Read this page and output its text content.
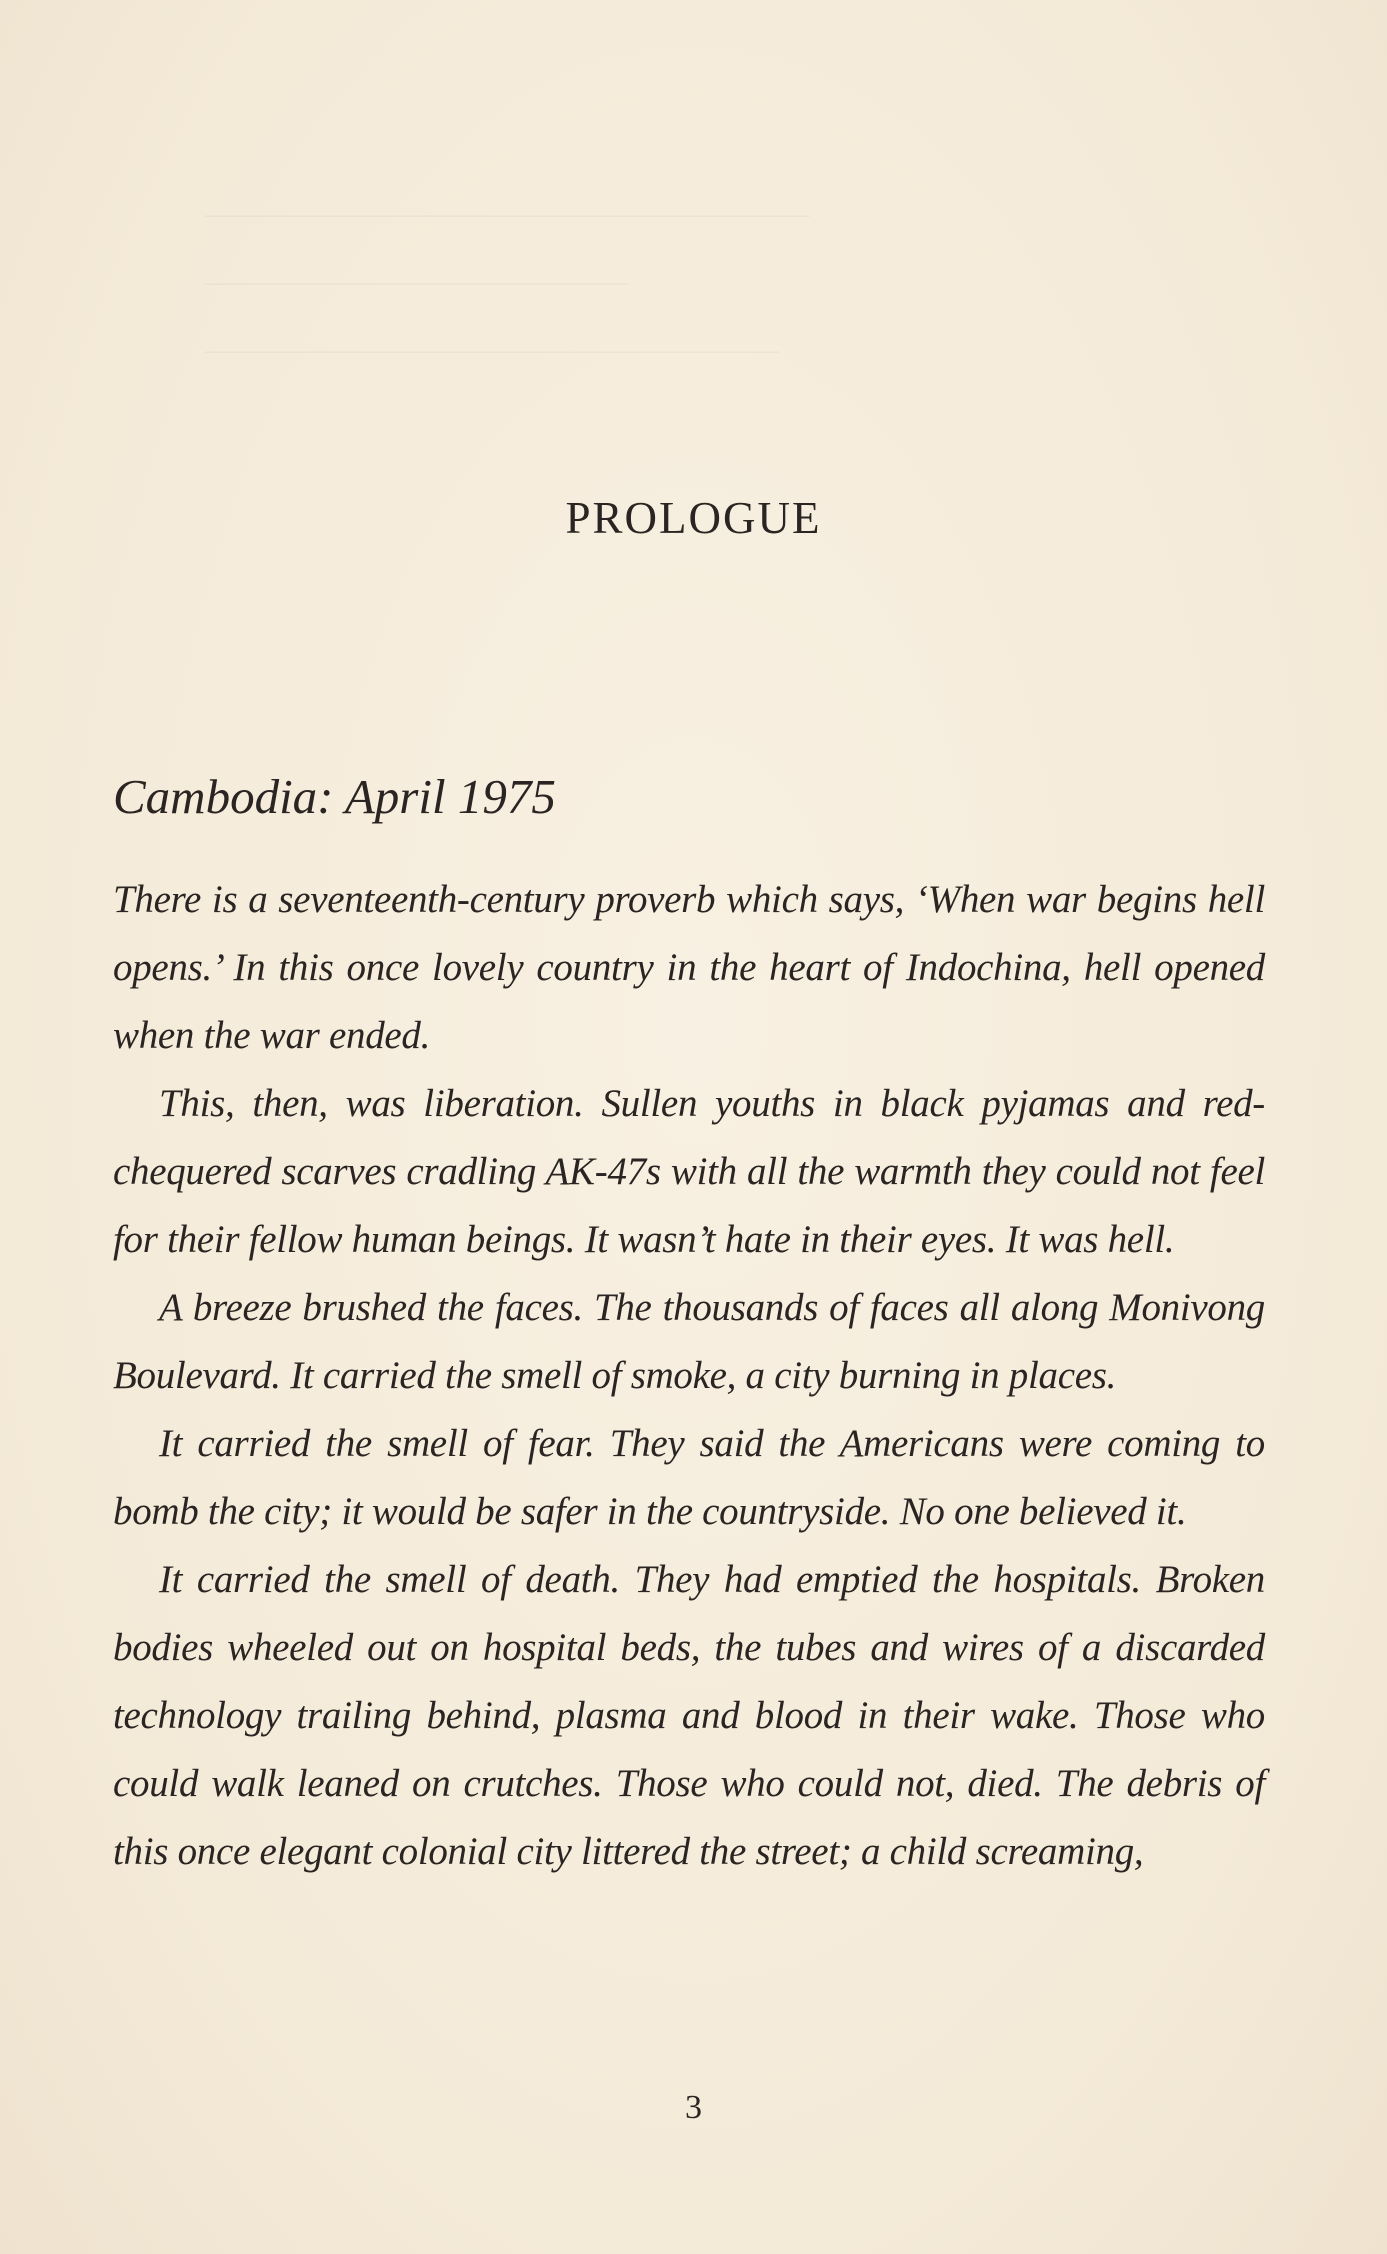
PROLOGUE
Cambodia: April 1975

There is a seventeenth-century proverb which says, ‘When war begins hell opens.’ In this once lovely country in the heart of Indochina, hell opened when the war ended.

This, then, was liberation. Sullen youths in black pyjamas and red-chequered scarves cradling AK-47s with all the warmth they could not feel for their fellow human beings. It wasn’t hate in their eyes. It was hell.

A breeze brushed the faces. The thousands of faces all along Monivong Boulevard. It carried the smell of smoke, a city burning in places.

It carried the smell of fear. They said the Americans were coming to bomb the city; it would be safer in the countryside. No one believed it.

It carried the smell of death. They had emptied the hospitals. Broken bodies wheeled out on hospital beds, the tubes and wires of a discarded technology trailing behind, plasma and blood in their wake. Those who could walk leaned on crutches. Those who could not, died. The debris of this once elegant colonial city littered the street; a child screaming,

3
